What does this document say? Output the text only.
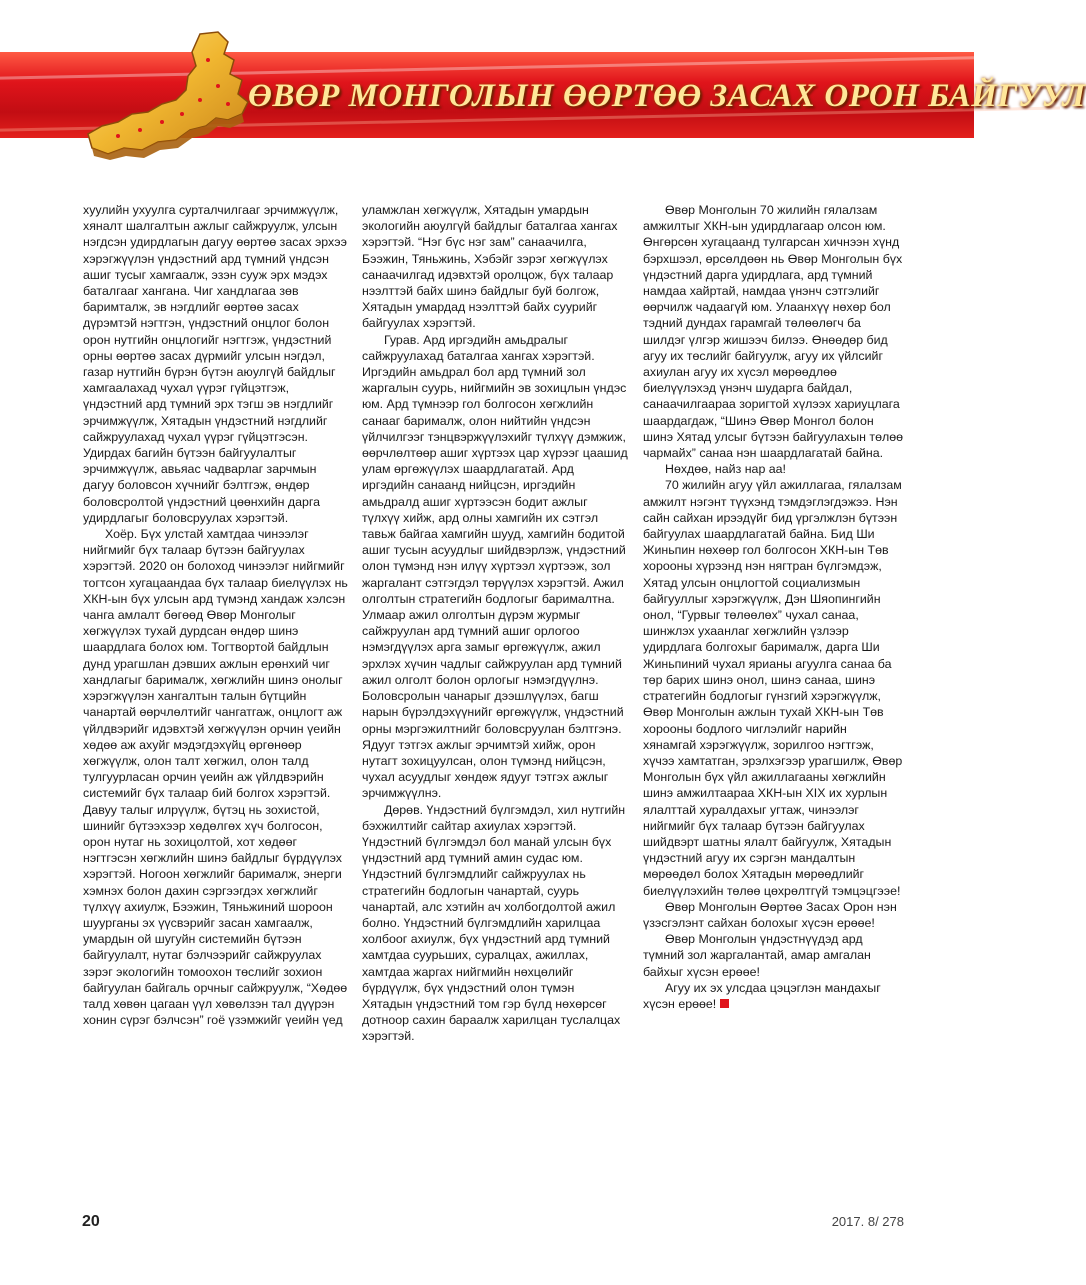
ӨВӨР МОНГОЛЫН ӨӨРТӨӨ ЗАСАХ ОРОН БАЙГУУЛ

хуулийн ухуулга сурталчилгааг эрчимжүүлж, хяналт шалгалтын ажлыг сайжруулж, улсын нэгдсэн удирдлагын дагуу өөртөө засах эрхээ хэрэгжүүлэн үндэстний ард түмний үндсэн ашиг тусыг хамгаалж, эзэн сууж эрх мэдэх баталгааг хангана. Чиг хандлагаа зөв баримталж, эв нэгдлийг өөртөө засах дүрэмтэй нэгтгэн, үндэстний онцлог болон орон нутгийн онцлогийг нэгтгэж, үндэстний орны өөртөө засах дүрмийг улсын нэгдэл, газар нутгийн бүрэн бүтэн аюулгүй байдлыг хамгаалахад чухал үүрэг гүйцэтгэж, үндэстний ард түмний эрх тэгш эв нэгдлийг эрчимжүүлж, Хятадын үндэстний нэгдлийг сайжруулахад чухал үүрэг гүйцэтгэсэн. Удирдах багийн бүтээн байгуулалтыг эрчимжүүлж, авьяас чадварлаг зарчмын дагуу боловсон хүчнийг бэлтгэж, өндөр боловсролтой үндэстний цөөнхийн дарга удирдлагыг боловсруулах хэрэгтэй.

Хоёр. Бүх улстай хамтдаа чинээлэг нийгмийг бүх талаар бүтээн байгуулах хэрэгтэй. 2020 он болоход чинээлэг нийгмийг тогтсон хугацаандаа бүх талаар биелүүлэх нь ХКН-ын бүх улсын ард түмэнд хандаж хэлсэн чанга амлалт бөгөөд Өвөр Монголыг хөгжүүлэх тухай дурдсан өндөр шинэ шаардлага болох юм. Тогтвортой байдлын дунд урагшлан дэвших ажлын ерөнхий чиг хандлагыг барималж, хөгжлийн шинэ онолыг хэрэгжүүлэн хангалтын талын бүтцийн чанартай өөрчлөлтийг чангатгаж, онцлогт аж үйлдвэрийг идэвхтэй хөгжүүлэн орчин үеийн хөдөө аж ахуйг мэдэгдэхүйц өргөнөөр хөгжүүлж, олон талт хөгжил, олон талд тулгуурласан орчин үеийн аж үйлдвэрийн системийг бүх талаар бий болгох хэрэгтэй. Давуу талыг илрүүлж, бүтэц нь зохистой, шинийг бүтээхээр хөдөлгөх хүч болгосон, орон нутаг нь зохицолтой, хот хөдөөг нэгтгэсэн хөгжлийн шинэ байдлыг бүрдүүлэх хэрэгтэй. Ногоон хөгжлийг барималж, энерги хэмнэх болон дахин сэргээгдэх хөгжлийг түлхүү ахиулж, Бээжин, Тяньжиний шороон шуурганы эх үүсвэрийг засан хамгаалж, умардын ой шугуйн системийн бүтээн байгуулалт, нутаг бэлчээрийг сайжруулах зэрэг экологийн томоохон төслийг зохион байгуулан байгаль орчныг сайжруулж, “Хөдөө талд хөвөн цагаан үүл хөвөлзэн тал дүүрэн хонин сүрэг бэлчсэн” гоё үзэмжийг үеийн үед

уламжлан хөгжүүлж, Хятадын умардын экологийн аюулгүй байдлыг баталгаа хангах хэрэгтэй. “Нэг бүс нэг зам” санаачилга, Бээжин, Тяньжинь, Хэбэйг зэрэг хөгжүүлэх санаачилгад идэвхтэй оролцож, бүх талаар нээлттэй байх шинэ байдлыг буй болгож, Хятадын умардад нээлттэй байх суурийг байгуулах хэрэгтэй.

Гурав. Ард иргэдийн амьдралыг сайжруулахад баталгаа хангах хэрэгтэй. Иргэдийн амьдрал бол ард түмний зол жаргалын суурь, нийгмийн эв зохицлын үндэс юм. Ард түмнээр гол болгосон хөгжлийн санааг барималж, олон нийтийн үндсэн үйлчилгээг тэнцвэржүүлэхийг түлхүү дэмжиж, өөрчлөлтөөр ашиг хүртээх цар хүрээг цаашид улам өргөжүүлэх шаардлагатай. Ард иргэдийн санаанд нийцсэн, иргэдийн амьдралд ашиг хүртээсэн бодит ажлыг түлхүү хийж, ард олны хамгийн их сэтгэл тавьж байгаа хамгийн шууд, хамгийн бодитой ашиг тусын асуудлыг шийдвэрлэж, үндэстний олон түмэнд нэн илүү хүртээл хүртээж, зол жаргалант сэтгэгдэл төрүүлэх хэрэгтэй. Ажил олголтын стратегийн бодлогыг барималтна. Улмаар ажил олголтын дүрэм журмыг сайжруулан ард түмний ашиг орлогоо нэмэгдүүлэх арга замыг өргөжүүлж, ажил эрхлэх хүчин чадлыг сайжруулан ард түмний ажил олголт болон орлогыг нэмэгдүүлнэ. Боловсролын чанарыг дээшлүүлэх, багш нарын бүрэлдэхүүнийг өргөжүүлж, үндэстний орны мэргэжилтнийг боловсруулан бэлтгэнэ. Ядууг тэтгэх ажлыг эрчимтэй хийж, орон нутагт зохицуулсан, олон түмэнд нийцсэн, чухал асуудлыг хөндөж ядууг тэтгэх ажлыг эрчимжүүлнэ.

Дөрөв. Үндэстний бүлгэмдэл, хил нутгийн бэхжилтийг сайтар ахиулах хэрэгтэй. Үндэстний бүлгэмдэл бол манай улсын бүх үндэстний ард түмний амин судас юм. Үндэстний бүлгэмдлийг сайжруулах нь стратегийн бодлогын чанартай, суурь чанартай, алс хэтийн ач холбогдолтой ажил болно. Үндэстний бүлгэмдлийн харилцаа холбоог ахиулж, бүх үндэстний ард түмний хамтдаа суурьших, суралцах, ажиллах, хамтдаа жаргах нийгмийн нөхцөлийг бүрдүүлж, бүх үндэстний олон түмэн Хятадын үндэстний том гэр бүлд нөхөрсөг дотноор сахин бараалж харилцан туслалцах хэрэгтэй.

Өвөр Монголын 70 жилийн гялалзам амжилтыг ХКН-ын удирдлагаар олсон юм. Өнгөрсөн хугацаанд тулгарсан хичнээн хүнд бэрхшээл, өрсөлдөөн нь Өвөр Монголын бүх үндэстний дарга удирдлага, ард түмний намдаа хайртай, намдаа үнэнч сэтгэлийг өөрчилж чадаагүй юм. Улаанхүү нөхөр бол тэдний дундах гарамгай төлөөлөгч ба шилдэг үлгэр жишээч билээ. Өнөөдөр бид агуу их төслийг байгуулж, агуу их үйлсийг ахиулан агуу их хүсэл мөрөөдлөө биелүүлэхэд үнэнч шударга байдал, санаачилгаараа зоригтой хүлээх хариуцлага шаардагдаж, “Шинэ Өвөр Монгол болон шинэ Хятад улсыг бүтээн байгуулахын төлөө чармайх” санаа нэн шаардлагатай байна.

Нөхдөө, найз нар аа!

70 жилийн агуу үйл ажиллагаа, гялалзам амжилт нэгэнт түүхэнд тэмдэглэгдэжээ. Нэн сайн сайхан ирээдүйг бид үргэлжлэн бүтээн байгуулах шаардлагатай байна. Бид Ши Жиньпин нөхөөр гол болгосон ХКН-ын Төв хорооны хүрээнд нэн нягтран бүлгэмдэж, Хятад улсын онцлогтой социализмын байгууллыг хэрэгжүүлж, Дэн Шяопингийн онол, “Гурвыг төлөөлөх” чухал санаа, шинжлэх ухаанлаг хөгжлийн үзлээр удирдлага болгохыг барималж, дарга Ши Жиньпиний чухал ярианы агуулга санаа ба төр барих шинэ онол, шинэ санаа, шинэ стратегийн бодлогыг гүнзгий хэрэгжүүлж, Өвөр Монголын ажлын тухай ХКН-ын Төв хорооны бодлого чиглэлийг нарийн хянамгай хэрэгжүүлж, зорилгоо нэгтгэж, хүчээ хамтатган, эрэлхэгээр урагшилж, Өвөр Монголын бүх үйл ажиллагааны хөгжлийн шинэ амжилтаараа ХКН-ын XIX их хурлын ялалттай хуралдахыг угтаж, чинээлэг нийгмийг бүх талаар бүтээн байгуулах шийдвэрт шатны ялалт байгуулж, Хятадын үндэстний агуу их сэргэн мандалтын мөрөөдөл болох Хятадын мөрөөдлийг биелүүлэхийн төлөө цөхрөлтгүй тэмцэцгээе!

Өвөр Монголын Өөртөө Засах Орон нэн үзэсгэлэнт сайхан болохыг хүсэн ерөөе!

Өвөр Монголын үндэстнүүдэд ард түмний зол жаргалантай, амар амгалан байхыг хүсэн ерөөе!

Агуу их эх улсдаа цэцэглэн мандахыг хүсэн ерөөе!

20	2017. 8/ 278
